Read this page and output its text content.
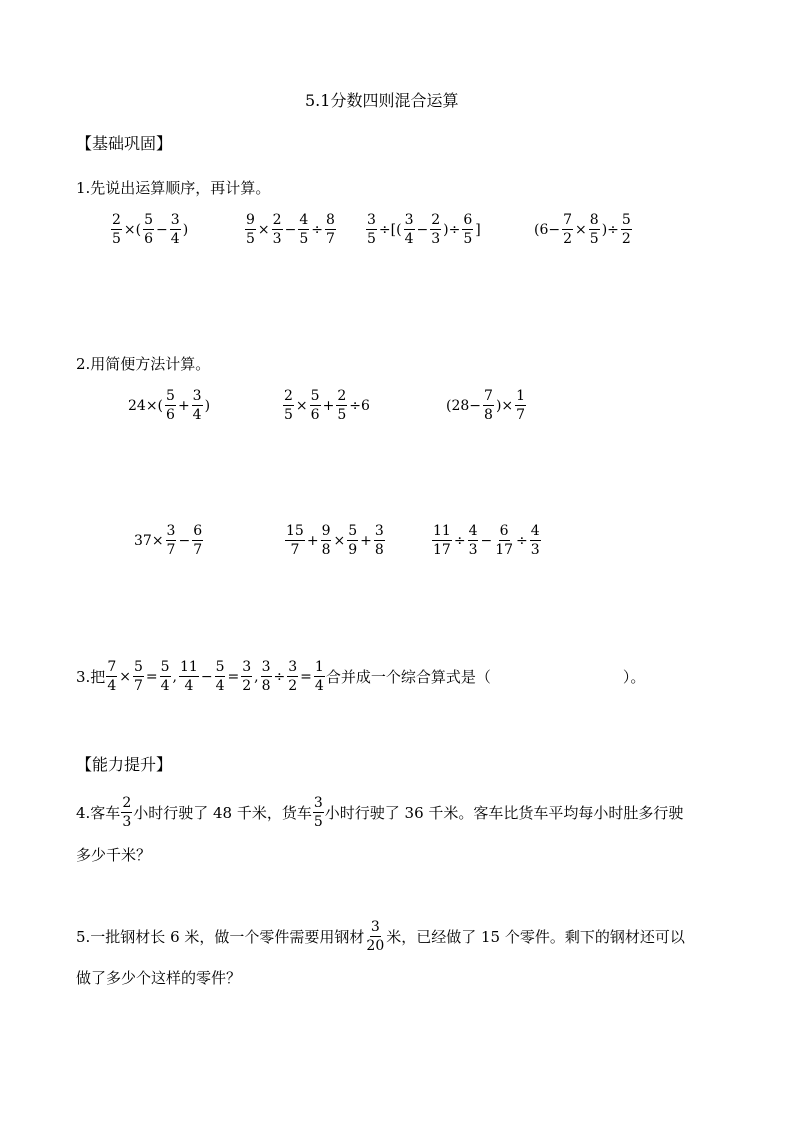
5.1分数四则混合运算
【基础巩固】
1.先说出运算顺序，再计算。
$\frac{2}{5}$ ×( $\frac{5}{6} - \frac{3}{4}$ )	$\frac{9}{5} \times \frac{2}{3} - \frac{4}{5} \div \frac{8}{7} \frac{3}{5}$ ÷[( $\frac{3}{4} - \frac{2}{3}$ )÷ $\frac{6}{5}$ ]	($6- \frac{7}{2} \times \frac{8}{5}$ )÷ $\frac{5}{2}$
2.用简便方法计算。
$24\times( \frac{5}{6} + \frac{3}{4}$ )	$\frac{2}{5} \times \frac{5}{6} + \frac{2}{5} \div 6$	($28- \frac{7}{8}$ )× $\frac{1}{7}$
$37\times \frac{3}{7} - \frac{6}{7}$	$\frac{15}{7} + \frac{9}{8} \times \frac{5}{9} + \frac{3}{8}$	$\frac{11}{17} \div \frac{4}{3} - \frac{6}{17} \div \frac{4}{3}$
3.把 $\frac{7}{4} \times \frac{5}{7} = \frac{5}{4}$ , $\frac{11}{4} - \frac{5}{4} = \frac{3}{2}$ , $\frac{3}{8} \div \frac{3}{2} = \frac{1}{4}$ 合并成一个综合算式是（	）。
【能力提升】
4.客车 $\frac{2}{3}$ 小时行驶了 48 千米，货车 $\frac{3}{5}$ 小时行驶了 36 千米。客车比货车平均每小时肚多行驶
多少千米？
5.一批钢材长 6 米，做一个零件需要用钢材 $\frac{3}{20}$ 米，已经做了 15 个零件。剩下的钢材还可以
做了多少个这样的零件？
